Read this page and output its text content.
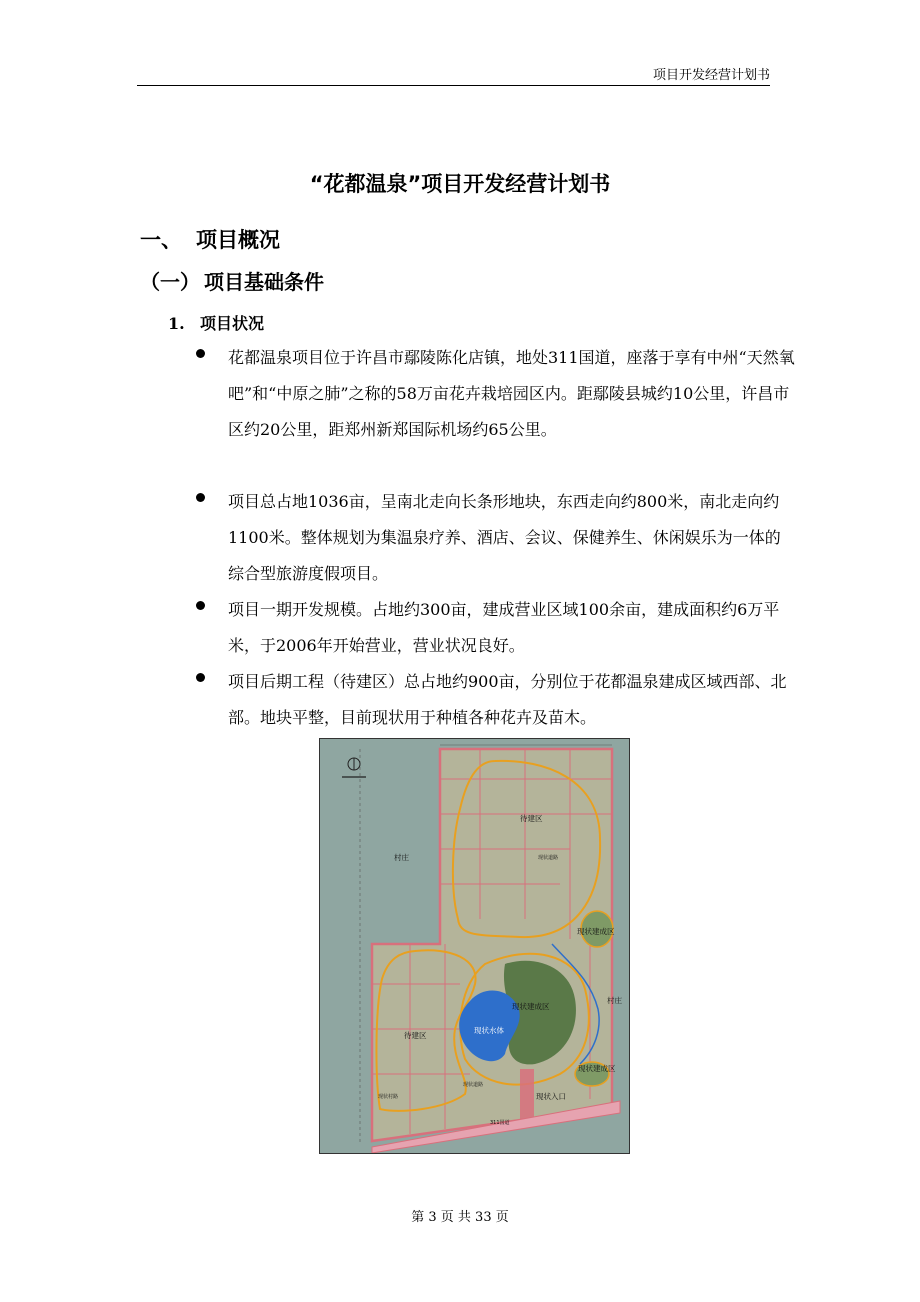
项目开发经营计划书
“花都温泉”项目开发经营计划书
一、 项目概况
（一） 项目基础条件
1. 项目状况
花都温泉项目位于许昌市鄢陵陈化店镇，地处311国道，座落于享有中州“天然氧吧”和“中原之肺”之称的58万亩花卉栽培园区内。距鄢陵县城约10公里，许昌市区约20公里，距郑州新郑国际机场约65公里。
项目总占地1036亩，呈南北走向长条形地块，东西走向约800米，南北走向约1100米。整体规划为集温泉疗养、酒店、会议、保健养生、休闲娱乐为一体的综合型旅游度假项目。
项目一期开发规模。占地约300亩，建成营业区域100余亩，建成面积约6万平米，于2006年开始营业，营业状况良好。
项目后期工程（待建区）总占地约900亩，分别位于花都温泉建成区域西部、北部。地块平整，目前现状用于种植各种花卉及苗木。
待建区
现状道路
村庄
现状建成区
村庄
现状建成区
现状水体
待建区
现状建成区
现状道路
现状村路	现状入口
311国道
第 3 页 共 33 页
